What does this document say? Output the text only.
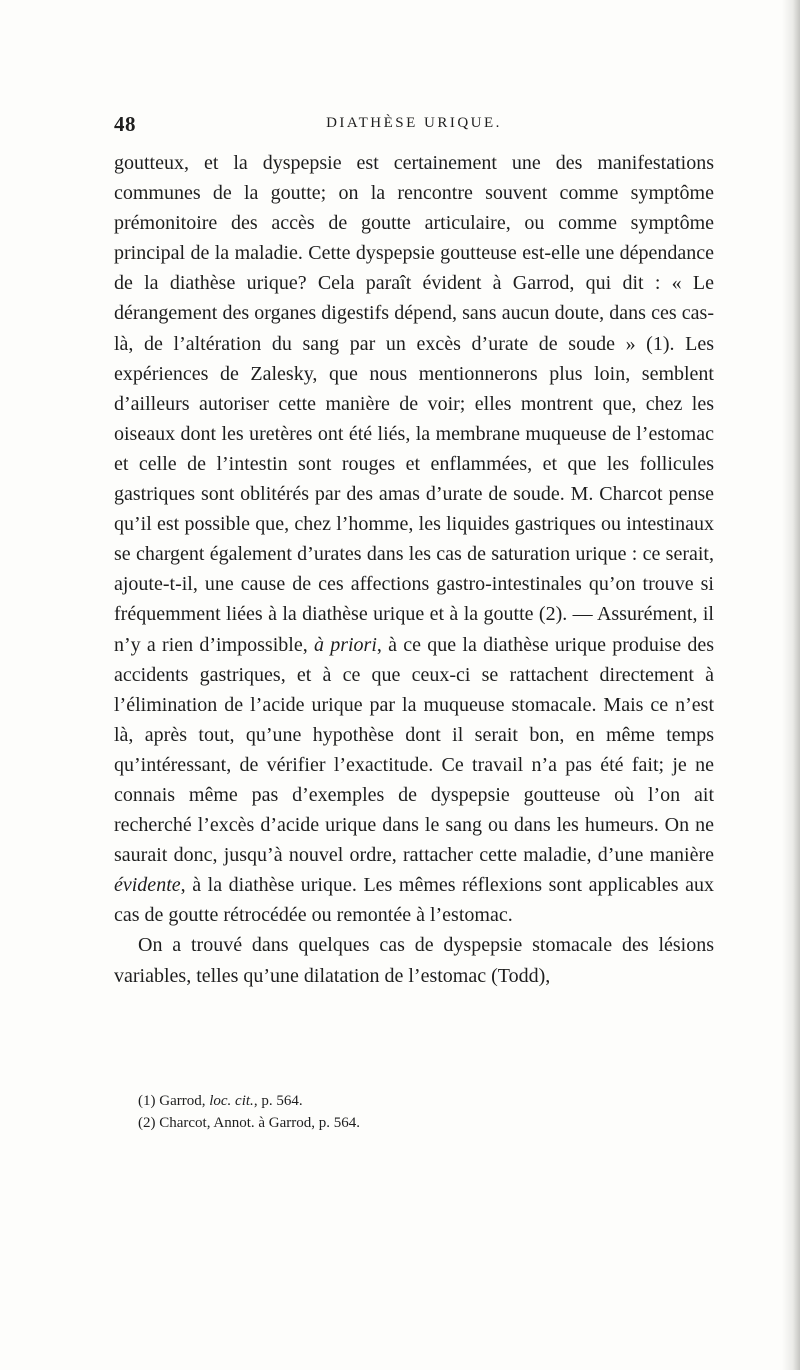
48	DIATHÈSE URIQUE.

goutteux, et la dyspepsie est certainement une des manifestations communes de la goutte; on la rencontre souvent comme symptôme prémonitoire des accès de goutte articulaire, ou comme symptôme principal de la maladie. Cette dyspepsie goutteuse est-elle une dépendance de la diathèse urique? Cela paraît évident à Garrod, qui dit : « Le dérangement des organes digestifs dépend, sans aucun doute, dans ces cas-là, de l’altération du sang par un excès d’urate de soude » (1). Les expériences de Zalesky, que nous mentionnerons plus loin, semblent d’ailleurs autoriser cette manière de voir; elles montrent que, chez les oiseaux dont les uretères ont été liés, la membrane muqueuse de l’estomac et celle de l’intestin sont rouges et enflammées, et que les follicules gastriques sont oblitérés par des amas d’urate de soude. M. Charcot pense qu’il est possible que, chez l’homme, les liquides gastriques ou intestinaux se chargent également d’urates dans les cas de saturation urique : ce serait, ajoute-t-il, une cause de ces affections gastro-intestinales qu’on trouve si fréquemment liées à la diathèse urique et à la goutte (2). — Assurément, il n’y a rien d’impossible, à priori, à ce que la diathèse urique produise des accidents gastriques, et à ce que ceux-ci se rattachent directement à l’élimination de l’acide urique par la muqueuse stomacale. Mais ce n’est là, après tout, qu’une hypothèse dont il serait bon, en même temps qu’intéressant, de vérifier l’exactitude. Ce travail n’a pas été fait; je ne connais même pas d’exemples de dyspepsie goutteuse où l’on ait recherché l’excès d’acide urique dans le sang ou dans les humeurs. On ne saurait donc, jusqu’à nouvel ordre, rattacher cette maladie, d’une manière évidente, à la diathèse urique. Les mêmes réflexions sont applicables aux cas de goutte rétrocédée ou remontée à l’estomac.

On a trouvé dans quelques cas de dyspepsie stomacale des lésions variables, telles qu’une dilatation de l’estomac (Todd),

(1) Garrod, loc. cit., p. 564.
(2) Charcot, Annot. à Garrod, p. 564.
